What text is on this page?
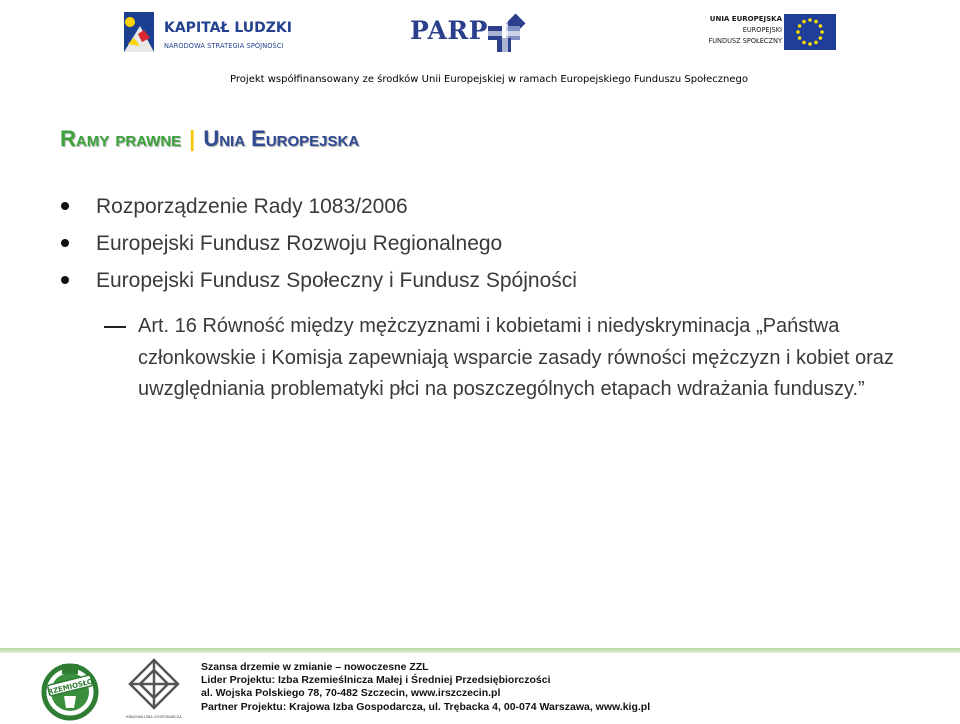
KAPITAŁ LUDZKI
NARODOWA STRATEGIA SPÓJNOŚCI
PARP	UNIA EUROPEJSKA
EUROPEJSKI
FUNDUSZ SPOŁECZNY
Projekt współfinansowany ze środków Unii Europejskiej w ramach Europejskiego Funduszu Społecznego
Ramy prawne | Unia Europejska
Rozporządzenie Rady 1083/2006
Europejski Fundusz Rozwoju Regionalnego
Europejski Fundusz Społeczny i Fundusz Spójności
Art. 16 Równość między mężczyznami i kobietami i niedyskryminacja „Państwa członkowskie i Komisja zapewniają wsparcie zasady równości mężczyzn i kobiet oraz uwzględniania problematyki płci na poszczególnych etapach wdrażania funduszy.”
RZEMIOSŁO
KRAJOWA IZBA GOSPODARCZA
Szansa drzemie w zmianie – nowoczesne ZZL
Lider Projektu: Izba Rzemieślnicza Małej i Średniej Przedsiębiorczości
al. Wojska Polskiego 78, 70-482 Szczecin, www.irszczecin.pl
Partner Projektu: Krajowa Izba Gospodarcza, ul. Trębacka 4, 00-074 Warszawa, www.kig.pl
